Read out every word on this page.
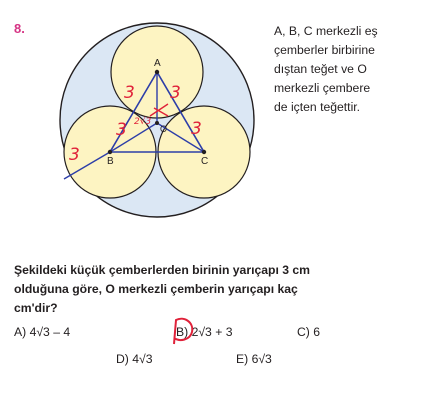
8.
A
B	C
O
3 3
3	3
3
2√3
A, B, C merkezli eş
çemberler birbirine
dıştan teğet ve O
merkezli çembere
de içten teğettir.
Şekildeki küçük çemberlerden birinin yarıçapı 3 cm
olduğuna göre, O merkezli çemberin yarıçapı kaç
cm'dir?
A) 4√3 – 4	B) 2√3 + 3	C) 6
D) 4√3	E) 6√3
